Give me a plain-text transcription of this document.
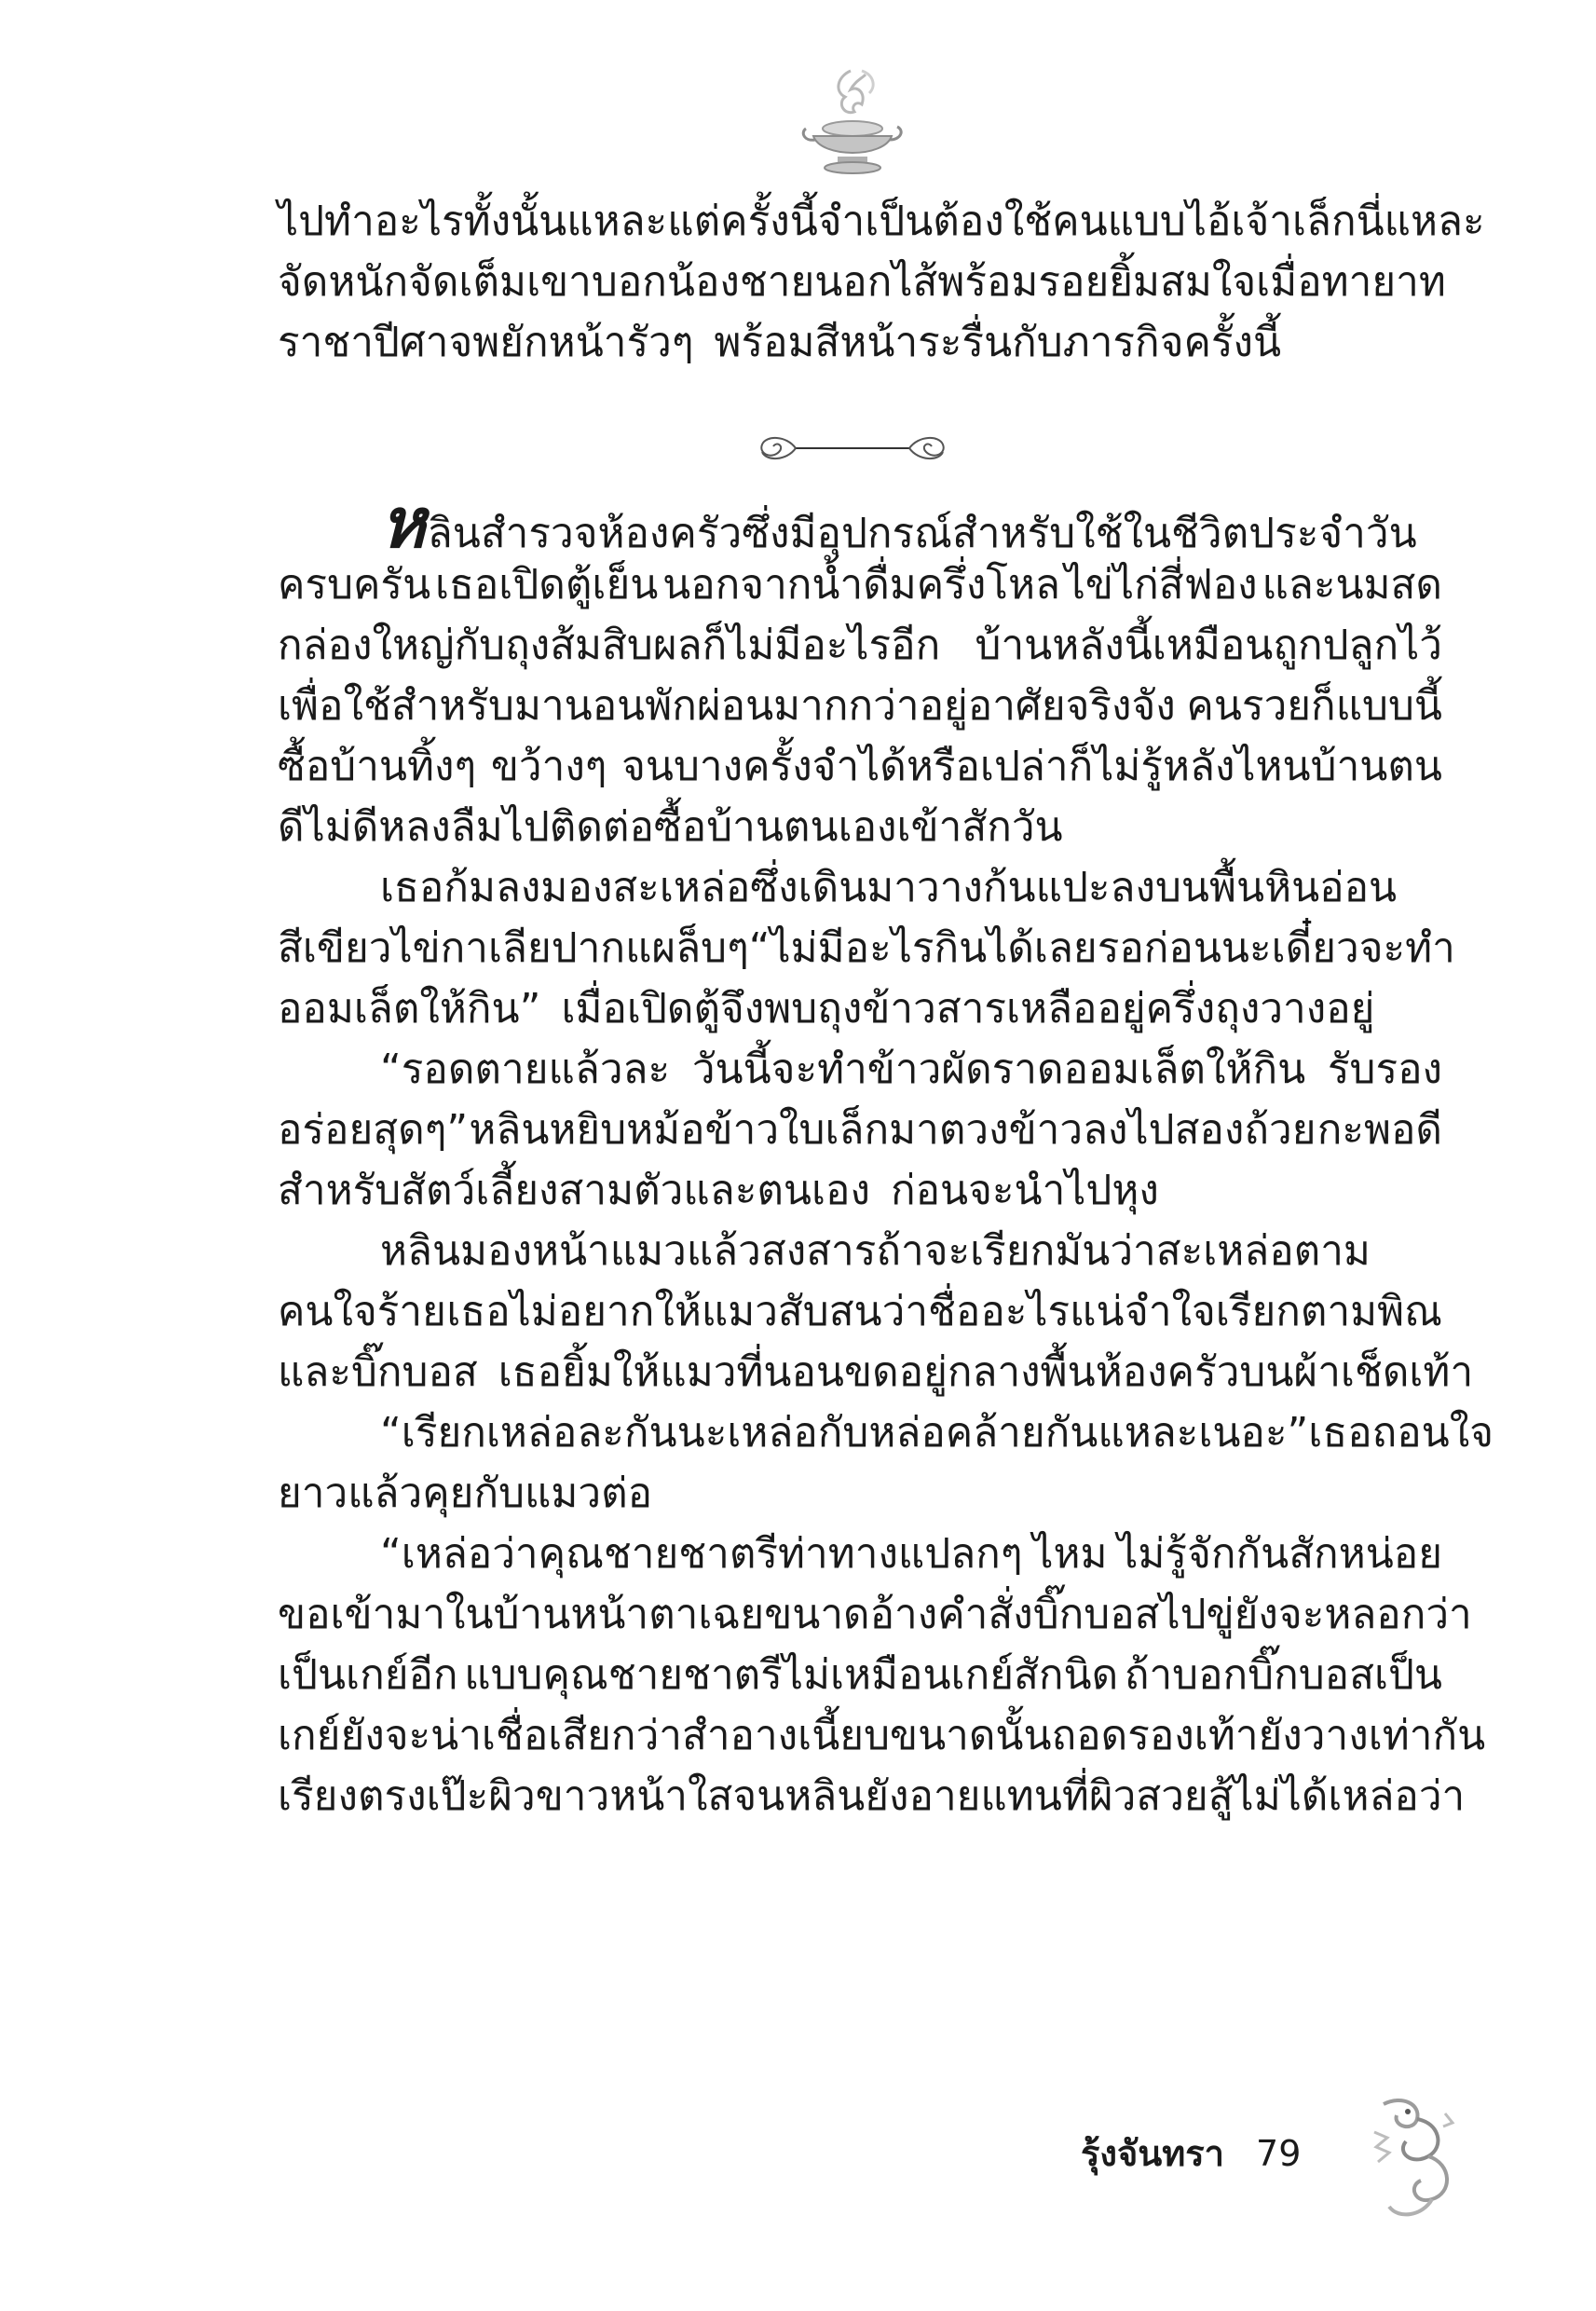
ไปทำอะไรทั้งนั้นแหละ แต่ครั้งนี้จำเป็นต้องใช้คนแบบไอ้เจ้าเล็กนี่แหละ
จัดหนักจัดเต็ม เขาบอกน้องชายนอกไส้พร้อมรอยยิ้มสมใจเมื่อทายาท
ราชาปีศาจพยักหน้ารัวๆ พร้อมสีหน้าระรื่นกับภารกิจครั้งนี้
หลินสำรวจห้องครัวซึ่งมีอุปกรณ์สำหรับใช้ในชีวิตประจำวัน
ครบครัน เธอเปิดตู้เย็น นอกจากน้ำดื่มครึ่งโหล ไข่ไก่สี่ฟอง และนมสด
กล่องใหญ่กับถุงส้มสิบผลก็ไม่มีอะไรอีก บ้านหลังนี้เหมือนถูกปลูกไว้
เพื่อใช้สำหรับมานอนพักผ่อนมากกว่าอยู่อาศัยจริงจัง คนรวยก็แบบนี้
ซื้อบ้านทิ้งๆ ขว้างๆ จนบางครั้งจำได้หรือเปล่าก็ไม่รู้หลังไหนบ้านตน
ดีไม่ดีหลงลืมไปติดต่อซื้อบ้านตนเองเข้าสักวัน
เธอก้มลงมองสะเหล่อซึ่งเดินมาวางก้นแปะลงบนพื้นหินอ่อน
สีเขียวไข่กาเลียปากแผล็บๆ “ไม่มีอะไรกินได้เลย รอก่อนนะ เดี๋ยวจะทำ
ออมเล็ตให้กิน” เมื่อเปิดตู้จึงพบถุงข้าวสารเหลืออยู่ครึ่งถุงวางอยู่
“รอดตายแล้วละ วันนี้จะทำข้าวผัดราดออมเล็ตให้กิน รับรอง
อร่อยสุดๆ” หลินหยิบหม้อข้าวใบเล็กมาตวงข้าวลงไปสองถ้วย กะพอดี
สำหรับสัตว์เลี้ยงสามตัวและตนเอง ก่อนจะนำไปหุง
หลินมองหน้าแมวแล้วสงสารถ้าจะเรียกมันว่าสะเหล่อตาม
คนใจร้าย เธอไม่อยากให้แมวสับสนว่าชื่ออะไรแน่ จำใจเรียกตามพิณ
และบิ๊กบอส เธอยิ้มให้แมวที่นอนขดอยู่กลางพื้นห้องครัวบนผ้าเช็ดเท้า
“เรียกเหล่อละกันนะ เหล่อกับหล่อคล้ายกันแหละเนอะ” เธอถอนใจ
ยาวแล้วคุยกับแมวต่อ
“เหล่อว่าคุณชายชาตรีท่าทางแปลกๆ ไหม ไม่รู้จักกันสักหน่อย
ขอเข้ามาในบ้านหน้าตาเฉย ขนาดอ้างคำสั่งบิ๊กบอสไปขู่ยังจะหลอกว่า
เป็นเกย์อีก แบบคุณชายชาตรีไม่เหมือนเกย์สักนิด ถ้าบอกบิ๊กบอสเป็น
เกย์ยังจะน่าเชื่อเสียกว่า สำอางเนี้ยบขนาดนั้น ถอดรองเท้ายังวางเท่ากัน
เรียงตรงเป๊ะ ผิวขาวหน้าใสจนหลินยังอายแทนที่ผิวสวยสู้ไม่ได้ เหล่อว่า
รุ้งจันทรา 79
